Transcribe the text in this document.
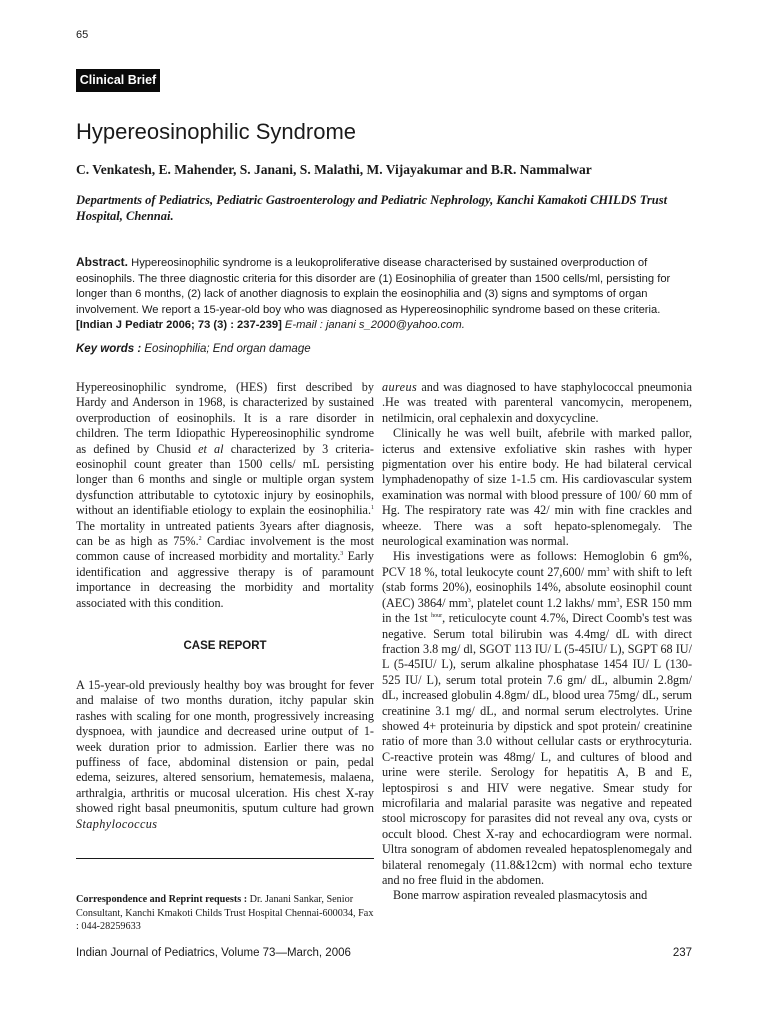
65
Clinical Brief
Hypereosinophilic Syndrome
C. Venkatesh, E. Mahender, S. Janani, S. Malathi, M. Vijayakumar and B.R. Nammalwar
Departments of Pediatrics, Pediatric Gastroenterology and Pediatric Nephrology, Kanchi Kamakoti CHILDS Trust Hospital, Chennai.
Abstract. Hypereosinophilic syndrome is a leukoproliferative disease characterised by sustained overproduction of eosinophils. The three diagnostic criteria for this disorder are (1) Eosinophilia of greater than 1500 cells/ml, persisting for longer than 6 months, (2) lack of another diagnosis to explain the eosinophilia and (3) signs and symptoms of organ involvement. We report a 15-year-old boy who was diagnosed as Hypereosinophilic syndrome based on these criteria.
[Indian J Pediatr 2006; 73 (3) : 237-239] E-mail : janani s_2000@yahoo.com.
Key words : Eosinophilia; End organ damage

Hypereosinophilic syndrome, (HES) first described by Hardy and Anderson in 1968, is characterized by sustained overproduction of eosinophils. It is a rare disorder in children. The term Idiopathic Hypereosinophilic syndrome as defined by Chusid et al characterized by 3 criteria- eosinophil count greater than 1500 cells/ mL persisting longer than 6 months and single or multiple organ system dysfunction attributable to cytotoxic injury by eosinophils, without an identifiable etiology to explain the eosinophilia.$^1$ The mortality in untreated patients 3years after diagnosis, can be as high as 75%.$^2$ Cardiac involvement is the most common cause of increased morbidity and mortality.$^3$ Early identification and aggressive therapy is of paramount importance in decreasing the morbidity and mortality associated with this condition.

CASE REPORT

A 15-year-old previously healthy boy was brought for fever and malaise of two months duration, itchy papular skin rashes with scaling for one month, progressively increasing dyspnoea, with jaundice and decreased urine output of 1-week duration prior to admission. Earlier there was no puffiness of face, abdominal distension or pain, pedal edema, seizures, altered sensorium, hematemesis, malaena, arthralgia, arthritis or mucosal ulceration. His chest X-ray showed right basal pneumonitis, sputum culture had grown Staphylococcus

Correspondence and Reprint requests : Dr. Janani Sankar, Senior Consultant, Kanchi Kmakoti Childs Trust Hospital Chennai-600034, Fax : 044-28259633

aureus and was diagnosed to have staphylococcal pneumonia .He was treated with parenteral vancomycin, meropenem, netilmicin, oral cephalexin and doxycycline.

Clinically he was well built, afebrile with marked pallor, icterus and extensive exfoliative skin rashes with hyper pigmentation over his entire body. He had bilateral cervical lymphadenopathy of size 1-1.5 cm. His cardiovascular system examination was normal with blood pressure of 100/ 60 mm of Hg. The respiratory rate was 42/ min with fine crackles and wheeze. There was a soft hepato-splenomegaly. The neurological examination was normal.

His investigations were as follows: Hemoglobin 6 gm%, PCV 18 %, total leukocyte count 27,600/ $mm^3$ with shift to left (stab forms 20%), eosinophils 14%, absolute eosinophil count (AEC) 3864/ $mm^3$, platelet count 1.2 lakhs/ $mm^3$, ESR 150 mm in the 1st $^{hour}$, reticulocyte count 4.7%, Direct Coomb's test was negative. Serum total bilirubin was 4.4mg/ dL with direct fraction 3.8 mg/ dl, SGOT 113 IU/ L (5-45IU/ L), SGPT 68 IU/ L (5-45IU/ L), serum alkaline phosphatase 1454 IU/ L (130-525 IU/ L), serum total protein 7.6 gm/ dL, albumin 2.8gm/ dL, increased globulin 4.8gm/ dL, blood urea 75mg/ dL, serum creatinine 3.1 mg/ dL, and normal serum electrolytes. Urine showed 4+ proteinuria by dipstick and spot protein/ creatinine ratio of more than 3.0 without cellular casts or erythrocyturia. C-reactive protein was 48mg/ L, and cultures of blood and urine were sterile. Serology for hepatitis A, B and E, leptospirosi s and HIV were negative. Smear study for microfilaria and malarial parasite was negative and repeated stool microscopy for parasites did not reveal any ova, cysts or occult blood. Chest X-ray and echocardiogram were normal. Ultra sonogram of abdomen revealed hepatosplenomegaly and bilateral renomegaly (11.8&12cm) with normal echo texture and no free fluid in the abdomen.

Bone marrow aspiration revealed plasmacytosis and

Indian Journal of Pediatrics, Volume 73—March, 2006	237
